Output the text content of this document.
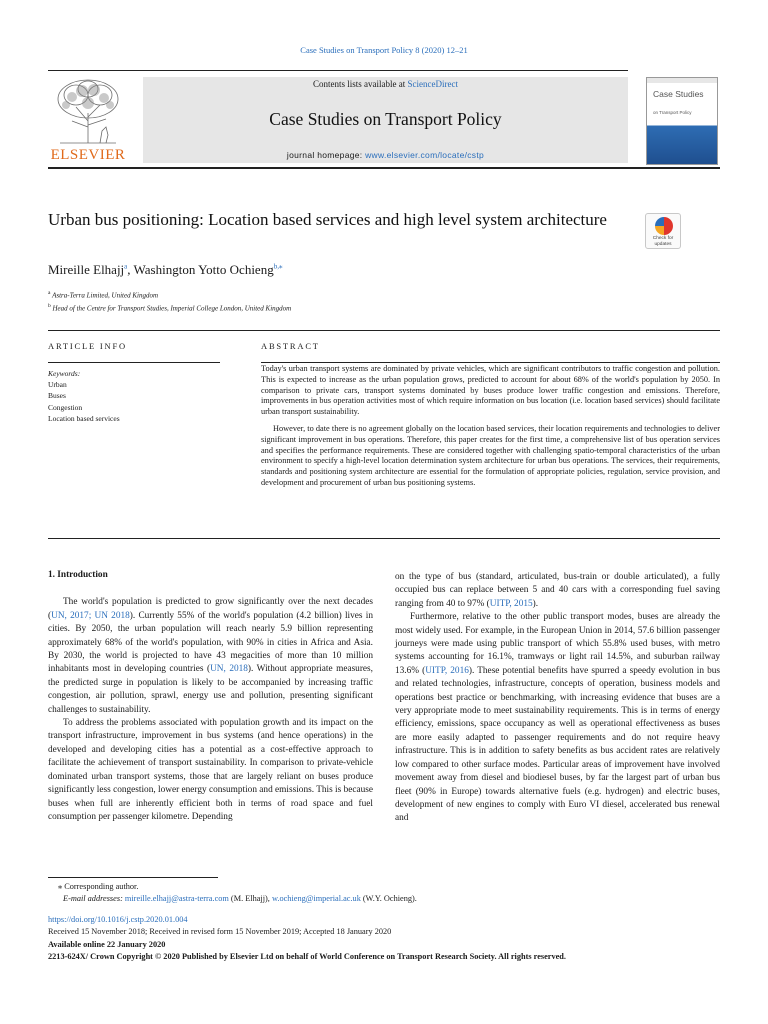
Case Studies on Transport Policy 8 (2020) 12–21
ELSEVIER
Contents lists available at ScienceDirect
Case Studies on Transport Policy
journal homepage: www.elsevier.com/locate/cstp
Case Studies
on Transport Policy
Urban bus positioning: Location based services and high level system architecture
Check for updates
Mireille Elhajj$^a$, Washington Yotto Ochieng$^{b,⁎}$
$^a$ Astra-Terra Limited, United Kingdom
$^b$ Head of the Centre for Transport Studies, Imperial College London, United Kingdom
ARTICLE INFO	ABSTRACT
Keywords:
Urban
Buses
Congestion
Location based services

Today's urban transport systems are dominated by private vehicles, which are significant contributors to traffic congestion and pollution. This is expected to increase as the urban population grows, predicted to account for about 68% of the world's population by 2050. In comparison to private cars, transport systems dominated by buses produce lower traffic congestion and emissions. Therefore, improvements in bus operation activities most of which require information on bus location (i.e. location based services) should facilitate urban transport sustainability.

However, to date there is no agreement globally on the location based services, their location requirements and technologies to deliver significant improvement in bus operations. Therefore, this paper creates for the first time, a comprehensive list of bus operation services and specifies the performance requirements. These are considered together with challenging spatio-temporal characteristics of the urban environment to specify a high-level location determination system architecture for urban bus operations. The services, their requirements, standards and positioning system architecture are essential for the formulation of appropriate policies, regulation, service provision, and development and procurement of urban bus positioning systems.

1. Introduction

The world's population is predicted to grow significantly over the next decades (UN, 2017; UN 2018). Currently 55% of the world's population (4.2 billion) lives in cities. By 2050, the urban population will reach nearly 5.9 billion representing approximately 68% of the world's population, with 90% in cities in Africa and Asia. By 2030, the world is projected to have 43 megacities of more than 10 million inhabitants most in developing countries (UN, 2018). Without appropriate measures, the predicted surge in population is likely to be accompanied by increasing traffic congestion, air pollution, sprawl, energy use and pollution, presenting significant challenges to sustainability.

To address the problems associated with population growth and its impact on the transport infrastructure, improvement in bus systems (and hence operations) in the developed and developing cities has a potential as a cost-effective approach to facilitate the achievement of transport sustainability. In comparison to private-vehicle dominated urban transport systems, those that are largely reliant on buses produce significantly less congestion, lower energy consumption and emissions. This is because buses when full are inherently efficient both in terms of road space and fuel consumption per passenger kilometre. Depending

on the type of bus (standard, articulated, bus-train or double articulated), a fully occupied bus can replace between 5 and 40 cars with a corresponding fuel saving ranging from 40 to 97% (UITP, 2015).

Furthermore, relative to the other public transport modes, buses are already the most widely used. For example, in the European Union in 2014, 57.6 billion passenger journeys were made using public transport of which 55.8% used buses, with metro systems accounting for 16.1%, tramways or light rail 14.5%, and suburban railway 13.6% (UITP, 2016). These potential benefits have spurred a speedy evolution in bus and related technologies, infrastructure, concepts of operation, business models and operations best practice or benchmarking, with increasing evidence that buses are a very appropriate mode to meet sustainability requirements. This is in terms of energy efficiency, emissions, space occupancy as well as operational effectiveness as buses are more easily adapted to passenger requirements and do not require heavy infrastructure. This is in addition to safety benefits as bus accident rates are relatively low compared to other surface modes. Particular areas of improvement have involved movement away from diesel and biodiesel buses, by far the largest part of urban bus fleet (90% in Europe) towards alternative fuels (e.g. hydrogen) and electric buses, development of new engines to comply with Euro VI diesel, accelerated bus renewal and

⁎ Corresponding author.
E-mail addresses: mireille.elhajj@astra-terra.com (M. Elhajj), w.ochieng@imperial.ac.uk (W.Y. Ochieng).
https://doi.org/10.1016/j.cstp.2020.01.004
Received 15 November 2018; Received in revised form 15 November 2019; Accepted 18 January 2020
Available online 22 January 2020
2213-624X/ Crown Copyright © 2020 Published by Elsevier Ltd on behalf of World Conference on Transport Research Society. All rights reserved.
